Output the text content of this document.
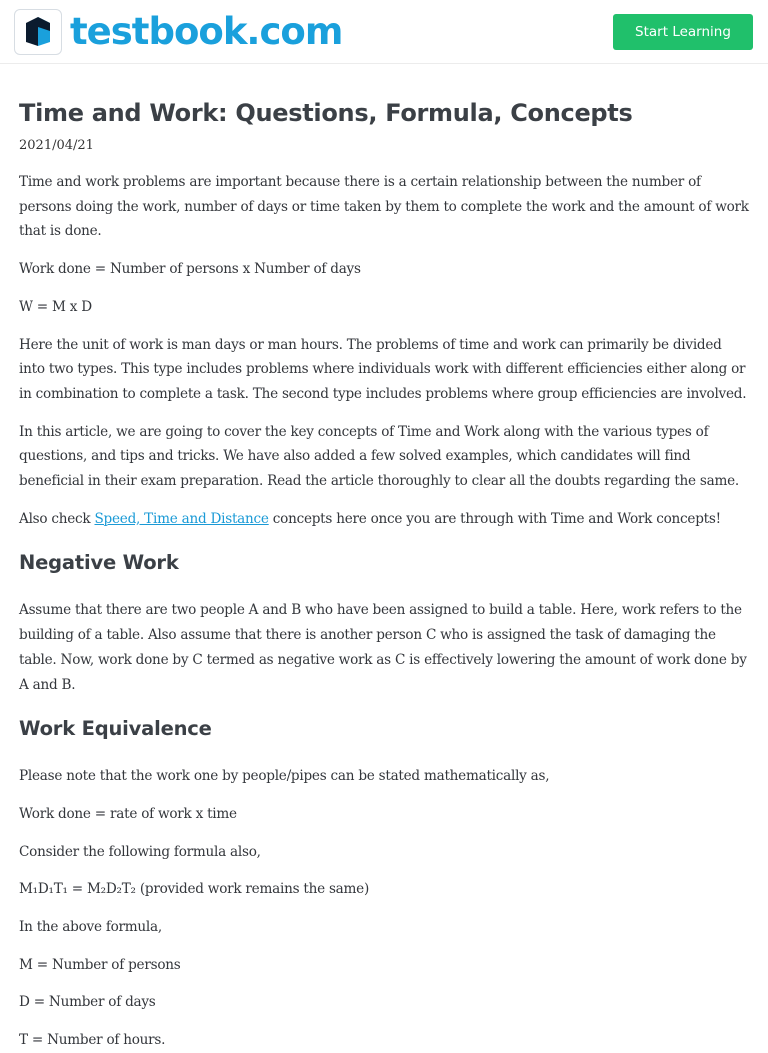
testbook.com	Start Learning
Time and Work: Questions, Formula, Concepts
2021/04/21

Time and work problems are important because there is a certain relationship between the number of persons doing the work, number of days or time taken by them to complete the work and the amount of work that is done.

Work done = Number of persons x Number of days

W = M x D

Here the unit of work is man days or man hours. The problems of time and work can primarily be divided into two types. This type includes problems where individuals work with different efficiencies either along or in combination to complete a task. The second type includes problems where group efficiencies are involved.

In this article, we are going to cover the key concepts of Time and Work along with the various types of questions, and tips and tricks. We have also added a few solved examples, which candidates will find beneficial in their exam preparation. Read the article thoroughly to clear all the doubts regarding the same.

Also check Speed, Time and Distance concepts here once you are through with Time and Work concepts!

Negative Work

Assume that there are two people A and B who have been assigned to build a table. Here, work refers to the building of a table. Also assume that there is another person C who is assigned the task of damaging the table. Now, work done by C termed as negative work as C is effectively lowering the amount of work done by A and B.

Work Equivalence

Please note that the work one by people/pipes can be stated mathematically as,

Work done = rate of work x time

Consider the following formula also,

M₁D₁T₁ = M₂D₂T₂ (provided work remains the same)

In the above formula,

M = Number of persons

D = Number of days

T = Number of hours.
